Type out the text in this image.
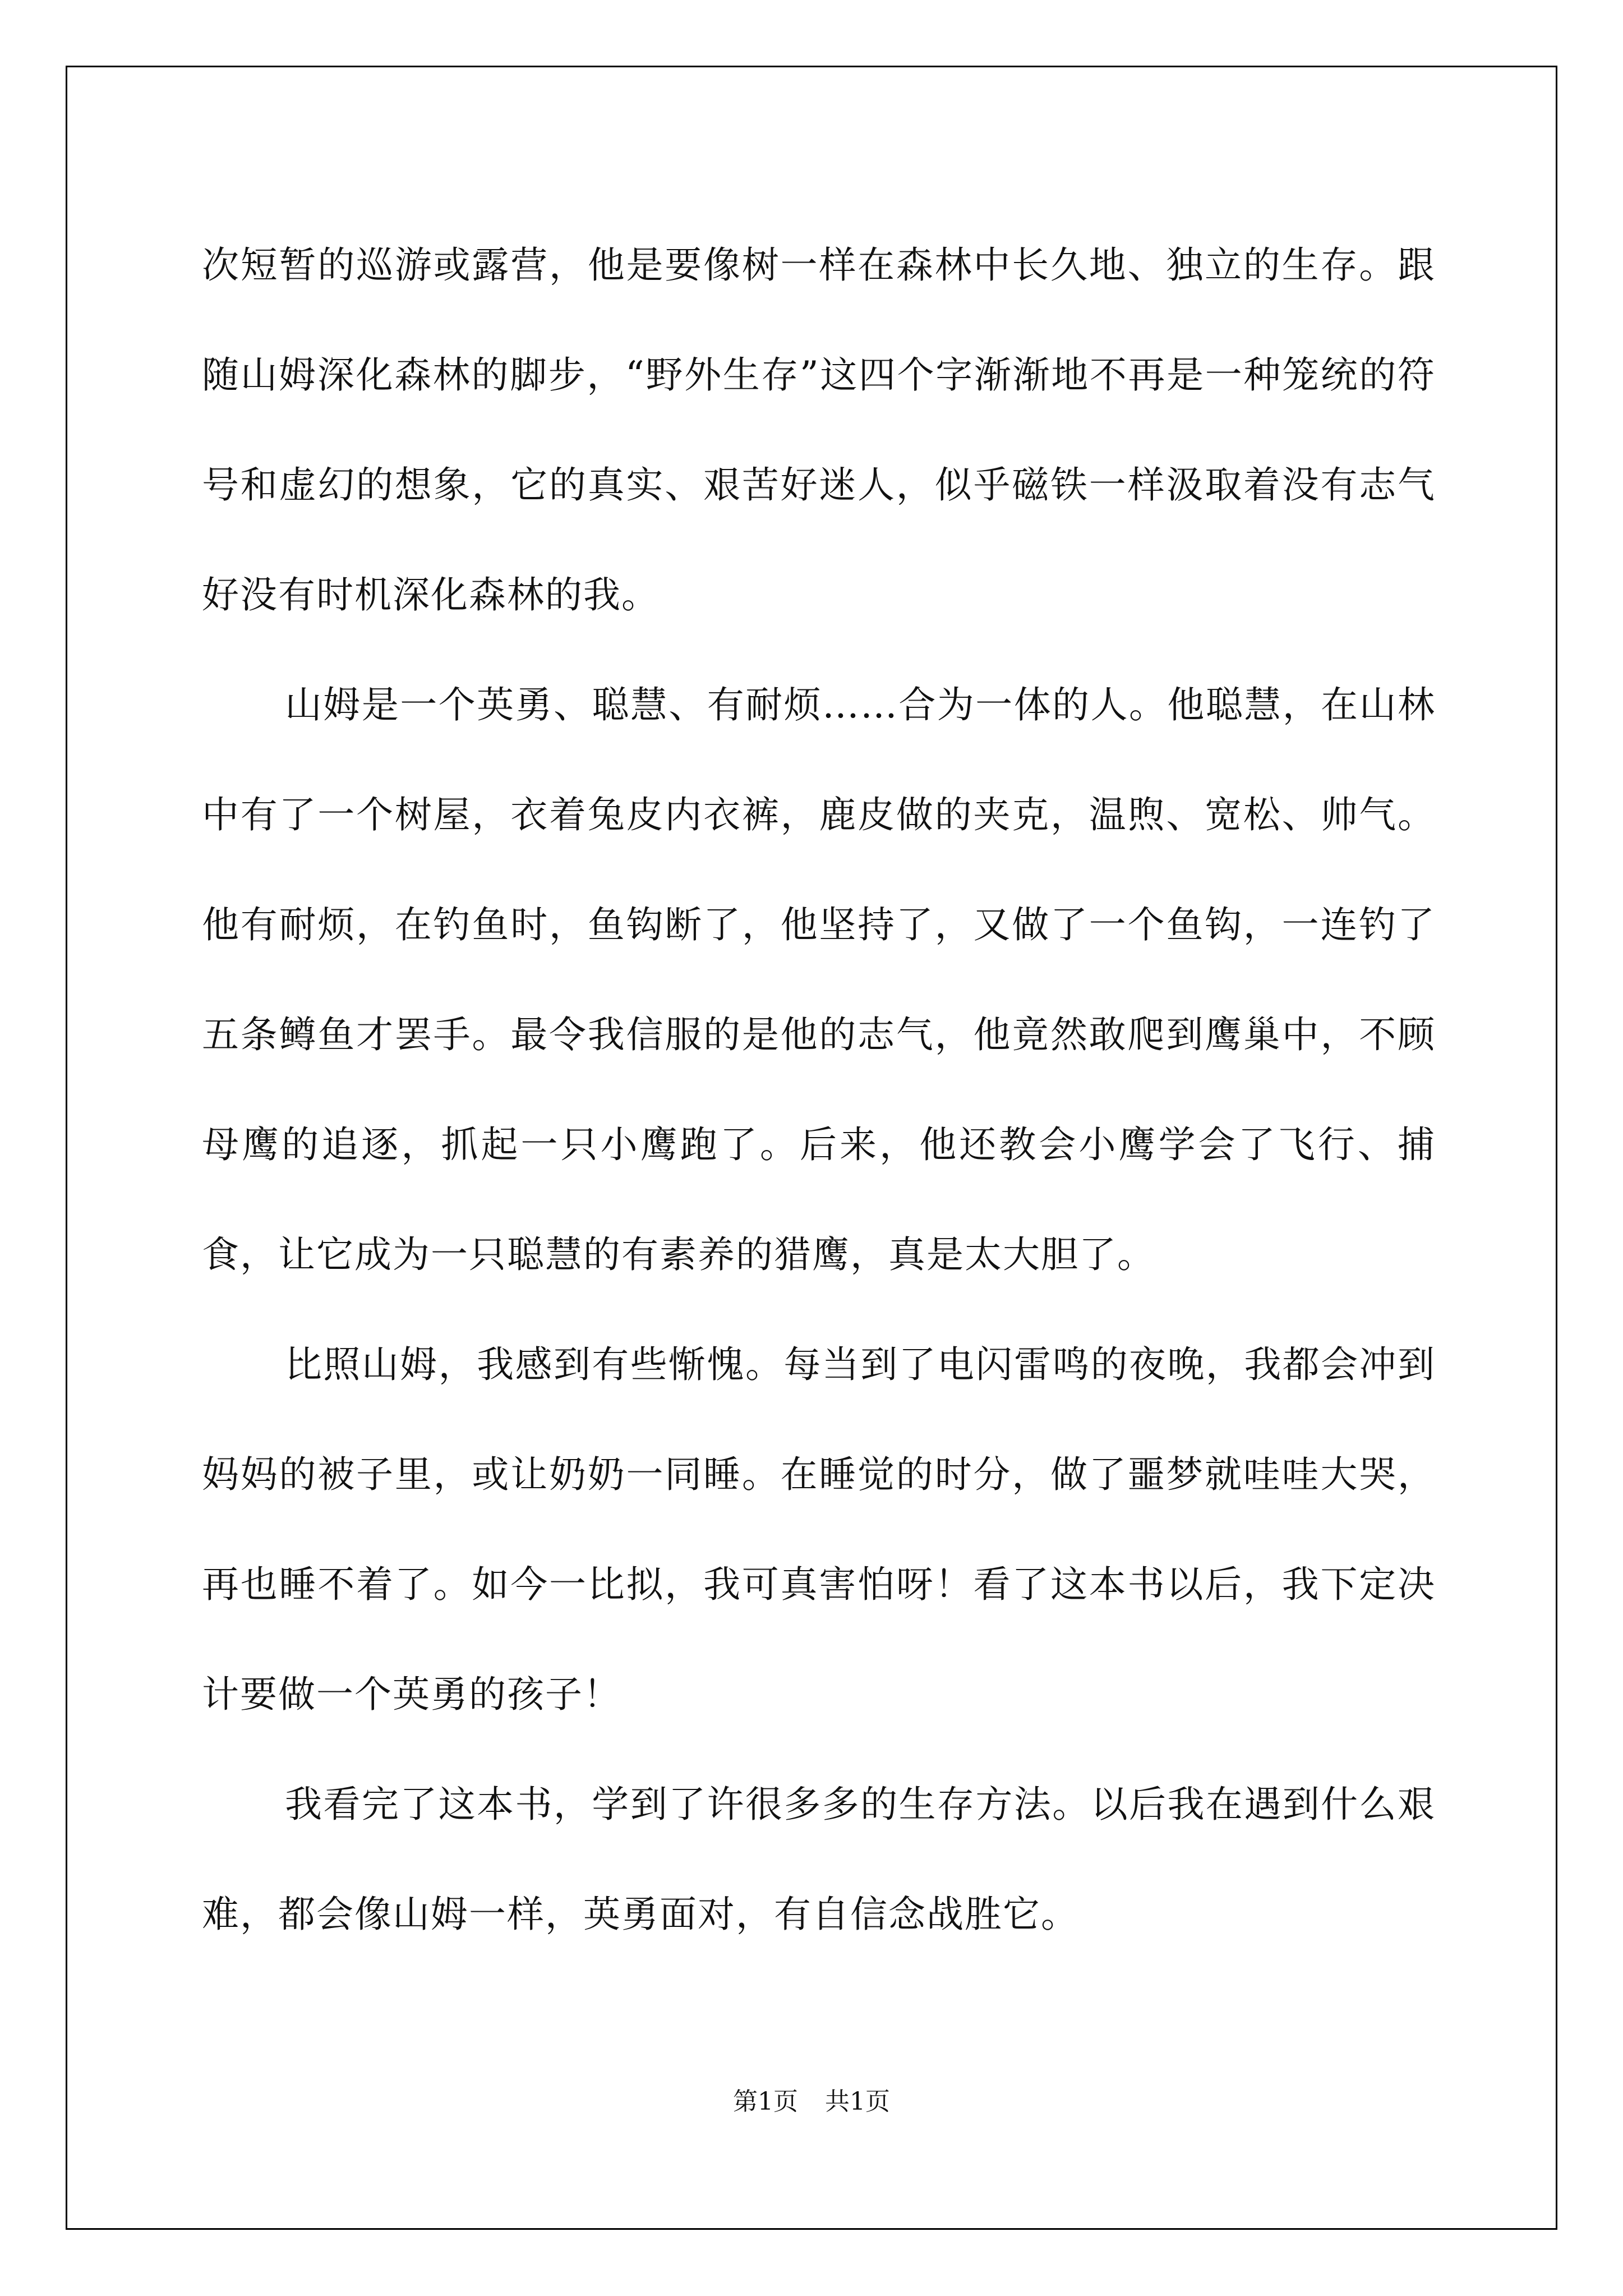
次短暂的巡游或露营，他是要像树一样在森林中长久地、独立的生存。跟随山姆深化森林的脚步，“野外生存”这四个字渐渐地不再是一种笼统的符号和虚幻的想象，它的真实、艰苦好迷人，似乎磁铁一样汲取着没有志气好没有时机深化森林的我。

山姆是一个英勇、聪慧、有耐烦……合为一体的人。他聪慧，在山林中有了一个树屋，衣着兔皮内衣裤，鹿皮做的夹克，温煦、宽松、帅气。他有耐烦，在钓鱼时，鱼钩断了，他坚持了，又做了一个鱼钩，一连钓了五条鳟鱼才罢手。最令我信服的是他的志气，他竟然敢爬到鹰巢中，不顾母鹰的追逐，抓起一只小鹰跑了。后来，他还教会小鹰学会了飞行、捕食，让它成为一只聪慧的有素养的猎鹰，真是太大胆了。

比照山姆，我感到有些惭愧。每当到了电闪雷鸣的夜晚，我都会冲到妈妈的被子里，或让奶奶一同睡。在睡觉的时分，做了噩梦就哇哇大哭，再也睡不着了。如今一比拟，我可真害怕呀！看了这本书以后，我下定决计要做一个英勇的孩子！

我看完了这本书，学到了许很多多的生存方法。以后我在遇到什么艰难，都会像山姆一样，英勇面对，有自信念战胜它。

第1页 共1页
